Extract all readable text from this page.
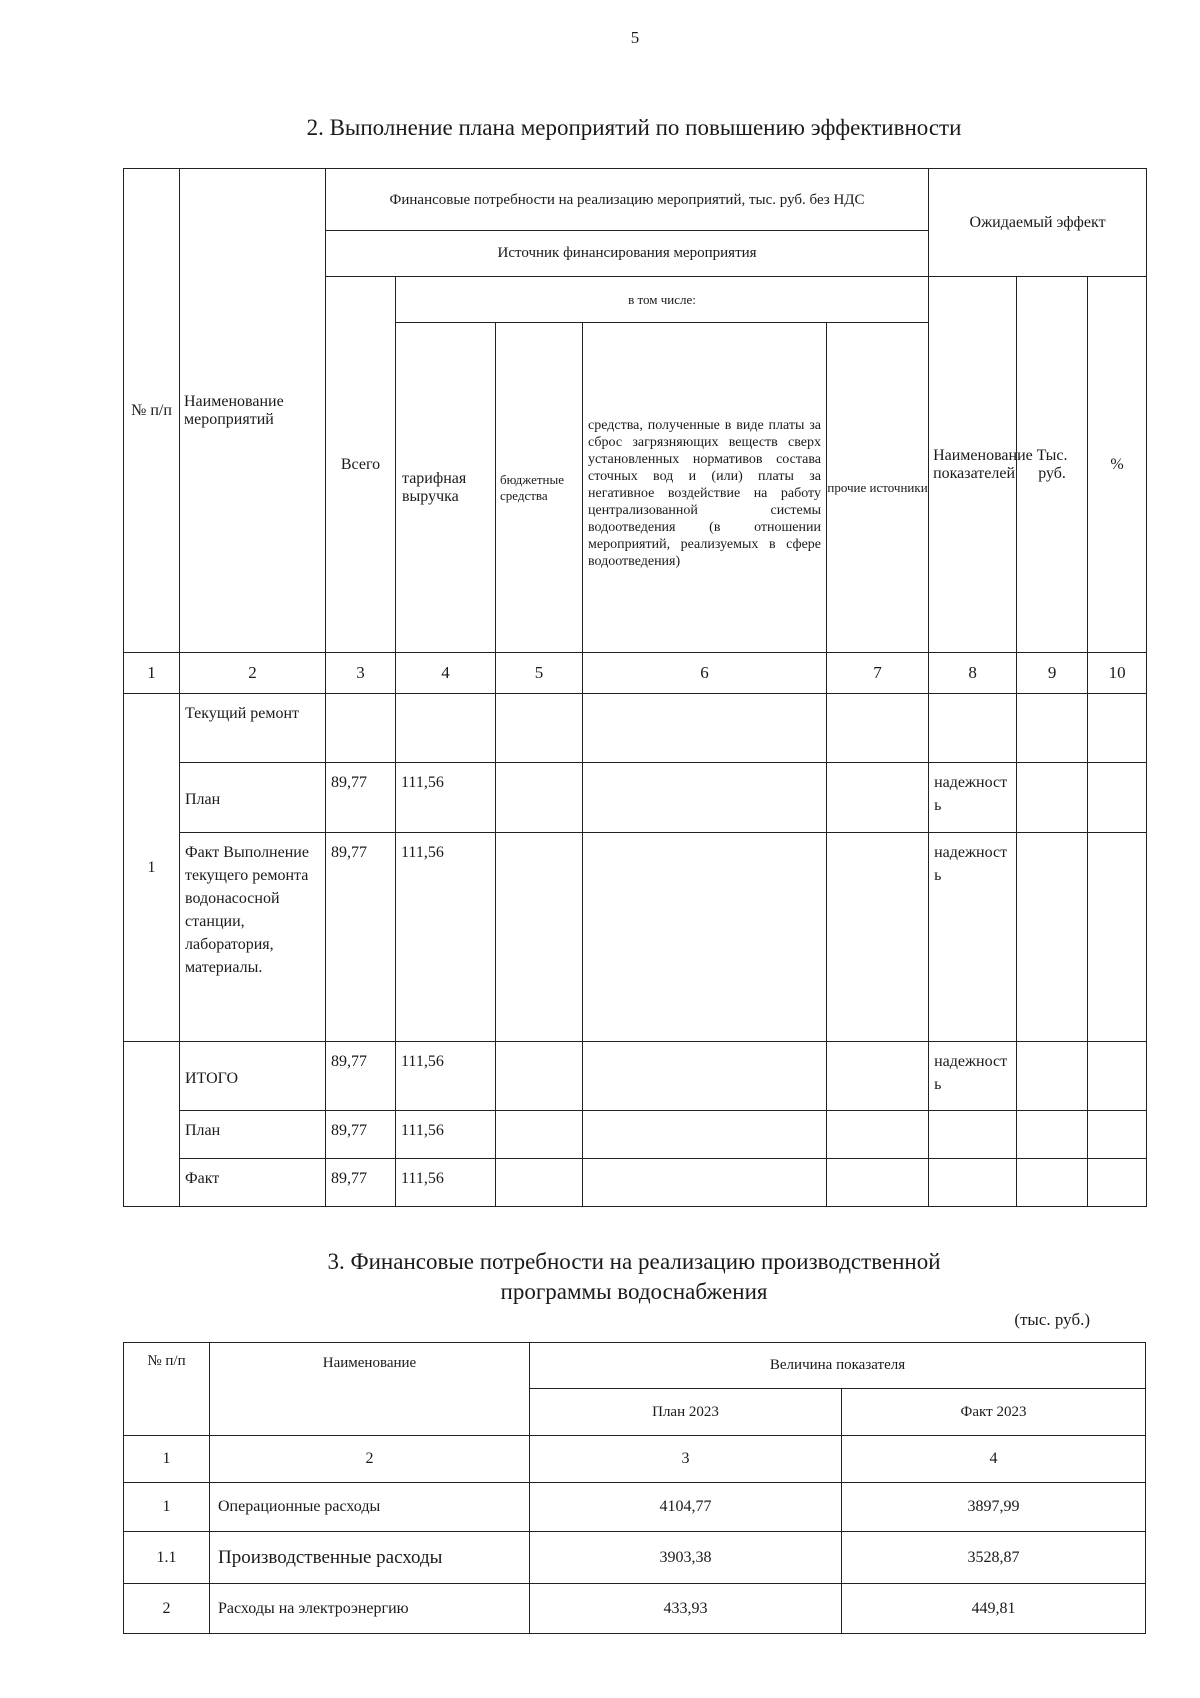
5
2. Выполнение плана мероприятий по повышению эффективности
№ п/п	Наименование мероприятий	Финансовые потребности на реализацию мероприятий, тыс. руб. без НДС					Ожидаемый эффект		
		Источник финансирования мероприятия							
		Всего	в том числе:				Наименование показателей	Тыс. руб.	%
			тарифная выручка	бюджетные средства	средства, полученные в виде платы за сброс загрязняющих веществ сверх установленных нормативов состава сточных вод и (или) платы за негативное воздействие на работу централизованной системы водоотведения (в отношении мероприятий, реализуемых в сфере водоотведения)	прочие источники			
1	2	3	4	5	6	7	8	9	10
1	Текущий ремонт								
	План	89,77	111,56				надежность		
	Факт Выполнение текущего ремонта водонасосной станции, лаборатория, материалы.	89,77	111,56				надежность		
	ИТОГО	89,77	111,56				надежность		
	План	89,77	111,56						
	Факт	89,77	111,56						
3. Финансовые потребности на реализацию производственной
программы водоснабжения
(тыс. руб.)
№ п/п	Наименование	Величина показателя	
		План 2023	Факт 2023
1	2	3	4
1	Операционные расходы	4104,77	3897,99
1.1	Производственные расходы	3903,38	3528,87
2	Расходы на электроэнергию	433,93	449,81
